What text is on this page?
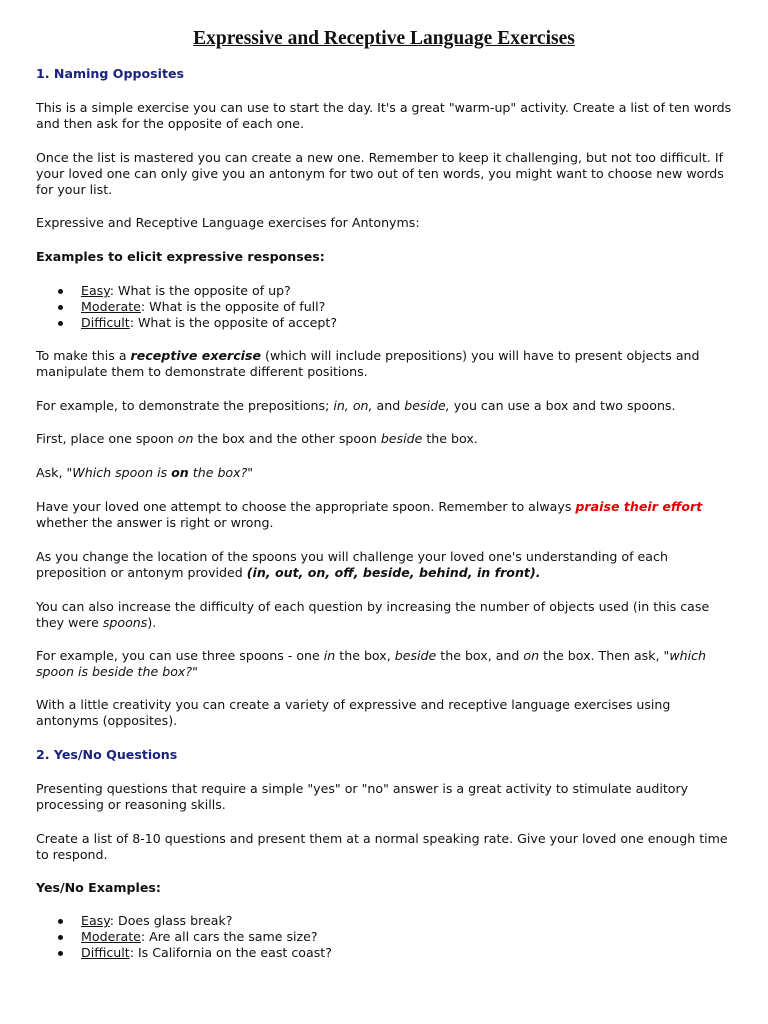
Expressive and Receptive Language Exercises
1. Naming Opposites

This is a simple exercise you can use to start the day. It's a great "warm-up" activity. Create a list of ten words and then ask for the opposite of each one.

Once the list is mastered you can create a new one. Remember to keep it challenging, but not too difficult. If your loved one can only give you an antonym for two out of ten words, you might want to choose new words for your list.

Expressive and Receptive Language exercises for Antonyms:

Examples to elicit expressive responses:

Easy: What is the opposite of up?
Moderate: What is the opposite of full?
Difficult: What is the opposite of accept?

To make this a receptive exercise (which will include prepositions) you will have to present objects and manipulate them to demonstrate different positions.

For example, to demonstrate the prepositions; in, on, and beside, you can use a box and two spoons.

First, place one spoon on the box and the other spoon beside the box.

Ask, "Which spoon is on the box?"

Have your loved one attempt to choose the appropriate spoon. Remember to always praise their effort whether the answer is right or wrong.

As you change the location of the spoons you will challenge your loved one's understanding of each preposition or antonym provided (in, out, on, off, beside, behind, in front).

You can also increase the difficulty of each question by increasing the number of objects used (in this case they were spoons).

For example, you can use three spoons - one in the box, beside the box, and on the box. Then ask, "which spoon is beside the box?"

With a little creativity you can create a variety of expressive and receptive language exercises using antonyms (opposites).

2. Yes/No Questions

Presenting questions that require a simple "yes" or "no" answer is a great activity to stimulate auditory processing or reasoning skills.

Create a list of 8-10 questions and present them at a normal speaking rate. Give your loved one enough time to respond.

Yes/No Examples:

Easy: Does glass break?
Moderate: Are all cars the same size?
Difficult: Is California on the east coast?
